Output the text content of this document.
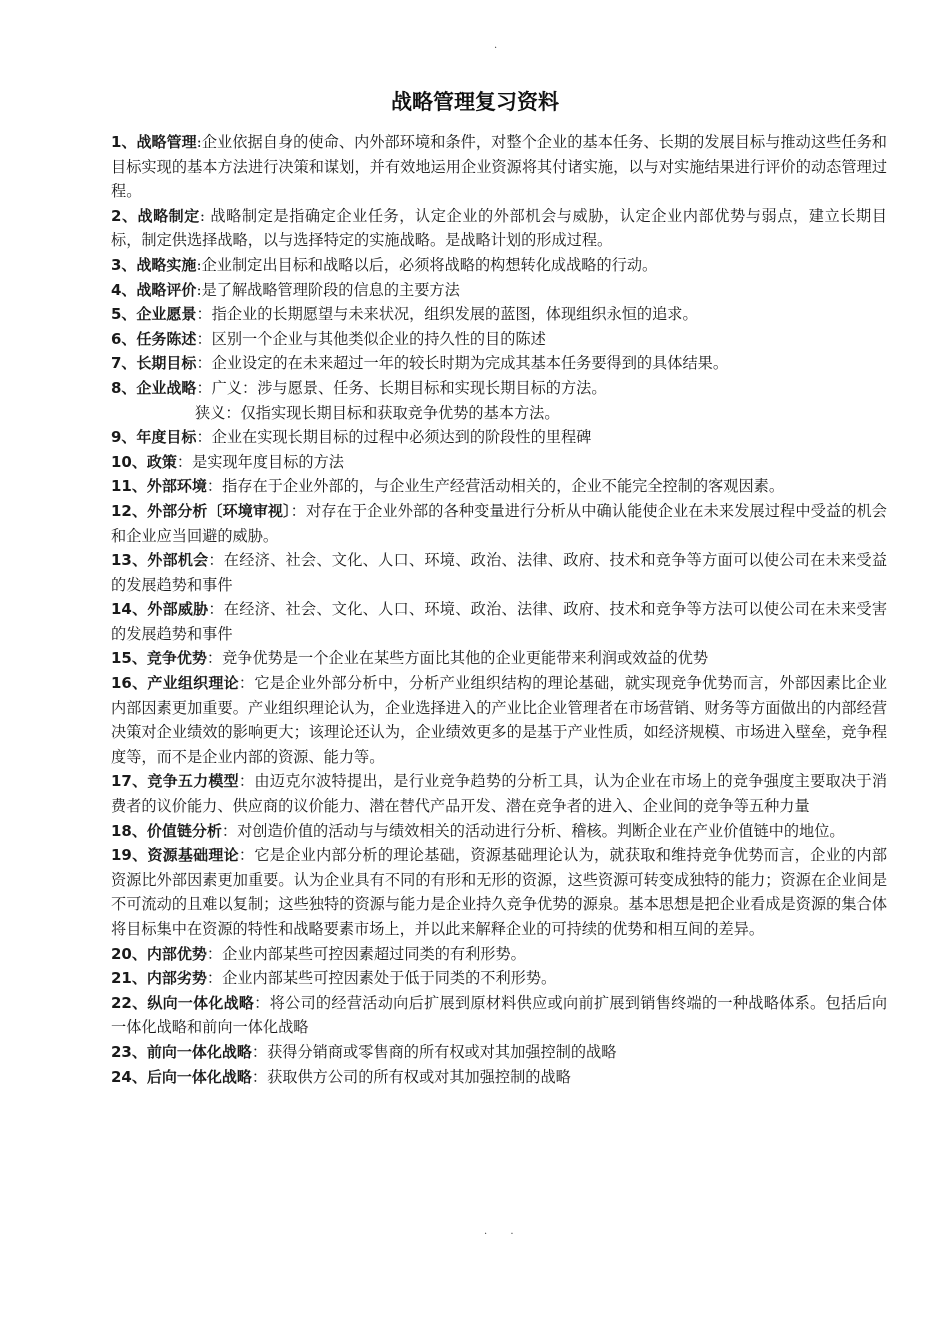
.
战略管理复习资料
1、战略管理:企业依据自身的使命、内外部环境和条件，对整个企业的基本任务、长期的发展目标与推动这些任务和目标实现的基本方法进行决策和谋划，并有效地运用企业资源将其付诸实施，以与对实施结果进行评价的动态管理过程。
2、战略制定: 战略制定是指确定企业任务，认定企业的外部机会与威胁，认定企业内部优势与弱点，建立长期目标，制定供选择战略，以与选择特定的实施战略。是战略计划的形成过程。
3、战略实施:企业制定出目标和战略以后，必须将战略的构想转化成战略的行动。
4、战略评价:是了解战略管理阶段的信息的主要方法
5、企业愿景：指企业的长期愿望与未来状况，组织发展的蓝图，体现组织永恒的追求。
6、任务陈述：区别一个企业与其他类似企业的持久性的目的陈述
7、长期目标：企业设定的在未来超过一年的较长时期为完成其基本任务要得到的具体结果。
8、企业战略：广义：涉与愿景、任务、长期目标和实现长期目标的方法。
狭义：仅指实现长期目标和获取竞争优势的基本方法。
9、年度目标：企业在实现长期目标的过程中必须达到的阶段性的里程碑
10、政策：是实现年度目标的方法
11、外部环境：指存在于企业外部的，与企业生产经营活动相关的，企业不能完全控制的客观因素。
12、外部分析〔环境审视〕：对存在于企业外部的各种变量进行分析从中确认能使企业在未来发展过程中受益的机会和企业应当回避的威胁。
13、外部机会：在经济、社会、文化、人口、环境、政治、法律、政府、技术和竞争等方面可以使公司在未来受益的发展趋势和事件
14、外部威胁：在经济、社会、文化、人口、环境、政治、法律、政府、技术和竞争等方法可以使公司在未来受害的发展趋势和事件
15、竞争优势：竞争优势是一个企业在某些方面比其他的企业更能带来利润或效益的优势
16、产业组织理论：它是企业外部分析中，分析产业组织结构的理论基础，就实现竞争优势而言，外部因素比企业内部因素更加重要。产业组织理论认为，企业选择进入的产业比企业管理者在市场营销、财务等方面做出的内部经营决策对企业绩效的影响更大；该理论还认为，企业绩效更多的是基于产业性质，如经济规模、市场进入壁垒，竞争程度等，而不是企业内部的资源、能力等。
17、竞争五力模型：由迈克尔波特提出，是行业竞争趋势的分析工具，认为企业在市场上的竞争强度主要取决于消费者的议价能力、供应商的议价能力、潜在替代产品开发、潜在竞争者的进入、企业间的竞争等五种力量
18、价值链分析：对创造价值的活动与与绩效相关的活动进行分析、稽核。判断企业在产业价值链中的地位。
19、资源基础理论：它是企业内部分析的理论基础，资源基础理论认为，就获取和维持竞争优势而言，企业的内部资源比外部因素更加重要。认为企业具有不同的有形和无形的资源，这些资源可转变成独特的能力；资源在企业间是不可流动的且难以复制；这些独特的资源与能力是企业持久竞争优势的源泉。基本思想是把企业看成是资源的集合体将目标集中在资源的特性和战略要素市场上，并以此来解释企业的可持续的优势和相互间的差异。
20、内部优势：企业内部某些可控因素超过同类的有利形势。
21、内部劣势：企业内部某些可控因素处于低于同类的不利形势。
22、纵向一体化战略：将公司的经营活动向后扩展到原材料供应或向前扩展到销售终端的一种战略体系。包括后向一体化战略和前向一体化战略
23、前向一体化战略：获得分销商或零售商的所有权或对其加强控制的战略
24、后向一体化战略：获取供方公司的所有权或对其加强控制的战略
. .
